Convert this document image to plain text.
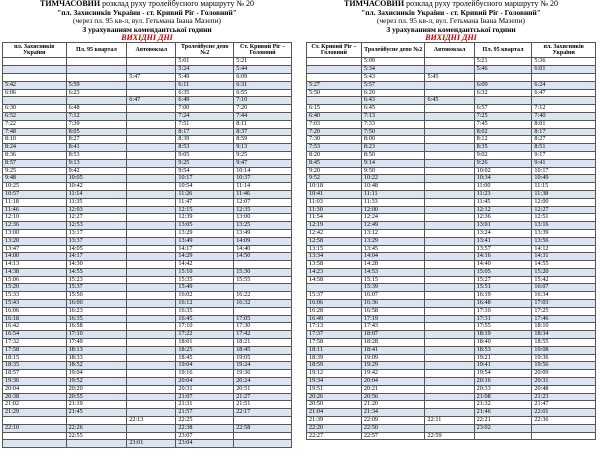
ТИМЧАСОВИЙ розклад руху тролейбусного маршруту № 20
"пл. Захисників України - ст. Кривий Ріг - Головний"
(через пл. 95 кв-л, вул. Гетьмана Івана Мазепи)
З урахуванням комендантської години
ВИХІДНІ ДНІ
пл. Захисників України	Пл. 95 квартал	Автовокзал	Тролейбусне депо №2	Ст. Кривий Ріг – Головний
			5:01	5:21
			5:24	5:44
		5:47	5:49	6:09
5:42	5:59		6:11	6:31
6:06	6:23		6:35	6:55
		6:47	6:49	7:10
6:30	6:48		7:00	7:20
6:52	7:12		7:24	7:44
7:22	7:39		7:51	8:11
7:48	8:05		8:17	8:37
8:10	8:27		8:39	8:59
8:24	8:41		8:53	9:13
8:36	8:53		9:05	9:25
8:57	9:13		9:25	9:47
9:25	9:42		9:54	10:14
9:48	10:05		10:17	10:37
10:25	10:42		10:54	11:14
10:57	11:14		11:26	11:46
11:18	11:35		11:47	12:07
11:46	12:03		12:15	12:35
12:10	12:27		12:39	13:00
12:36	12:53		13:05	13:25
13:00	13:17		13:29	13:49
13:20	13:37		13:49	14:09
13:47	14:05		14:17	14:40
14:00	14:17		14:29	14:50
14:13	14:30		14:42	
14:38	14:55		15:10	15:30
15:06	15:23		15:35	15:55
15:20	15:37		15:49	
15:33	15:50		16:02	16:22
15:43	16:00		16:12	16:32
16:06	16:23		16:35	
16:18	16:35		16:45	17:05
16:42	16:58		17:10	17:30
16:54	17:10		17:22	17:42
17:32	17:49		18:01	18:21
17:58	18:13		18:25	18:45
18:15	18:33		18:45	19:05
18:35	18:52		19:04	19:24
18:57	19:04		19:16	19:36
19:36	19:52		20:04	20:24
20:04	20:20		20:31	20:51
20:38	20:55		21:07	21:27
21:02	21:19		21:31	21:51
21:29	21:45		21:57	22:17
		22:13	22:25	
22:10	22:26		22:38	22:58
	22:55		23:07	
		23:01	23:04	
ТИМЧАСОВИЙ розклад руху тролейбусного маршруту № 20
"пл. Захисників України - ст. Кривий Ріг - Головний"
(через пл. 95 кв-л, вул. Гетьмана Івана Мазепи)
З урахуванням комендантської години
ВИХІДНІ ДНІ
Ст. Кривий Ріг – Головний	Тролейбусне депо №2	Автовокзал	Пл. 95 квартал	пл. Захисників України
	5:09		5:21	5:36
	5:34		5:46	6:01
	5:43	5:45		
5:27	5:57		6:09	6:24
5:50	6:20		6:32	6:47
	6:43	6:45		
6:15	6:45		6:57	7:12
6:40	7:13		7:25	7:40
7:03	7:33		7:45	8:01
7:20	7:50		8:02	8:17
7:30	8:00		8:12	8:27
7:53	8:23		8:35	8:51
8:20	8:50		9:02	9:17
8:45	9:14		9:26	9:41
9:20	9:50		10:02	10:17
9:52	10:22		10:34	10:49
10:18	10:48		11:00	11:15
10:41	11:11		11:23	11:38
11:03	11:33		11:45	12:00
11:30	12:00		12:12	12:27
11:54	12:24		12:36	12:51
12:19	12:49		13:01	13:16
12:42	13:12		13:24	13:39
12:58	13:29		13:41	13:56
13:15	13:45		13:57	14:12
13:34	14:04		14:16	14:31
13:58	14:28		14:40	14:55
14:23	14:53		15:05	15:20
14:58	15:15		15:27	15:42
	15:39		15:51	16:07
15:37	16:07		16:19	16:34
16:06	16:36		16:48	17:03
16:28	16:58		17:10	17:25
16:49	17:19		17:31	17:46
17:13	17:43		17:55	18:10
17:37	18:07		18:19	18:34
17:58	18:28		18:40	18:55
18:11	18:41		18:53	19:08
18:39	19:09		19:21	19:36
18:59	19:29		19:41	19:56
19:12	19:42		19:54	20:09
19:34	20:04		20:16	20:31
19:51	20:21		20:33	20:48
20:26	20:56		21:08	21:23
20:50	21:20		21:32	21:47
21:04	21:34		21:46	22:01
21:39	22:09	22:11	22:21	22:36
22:20	22:50		23:02	
22:27	22:57	22:59		
